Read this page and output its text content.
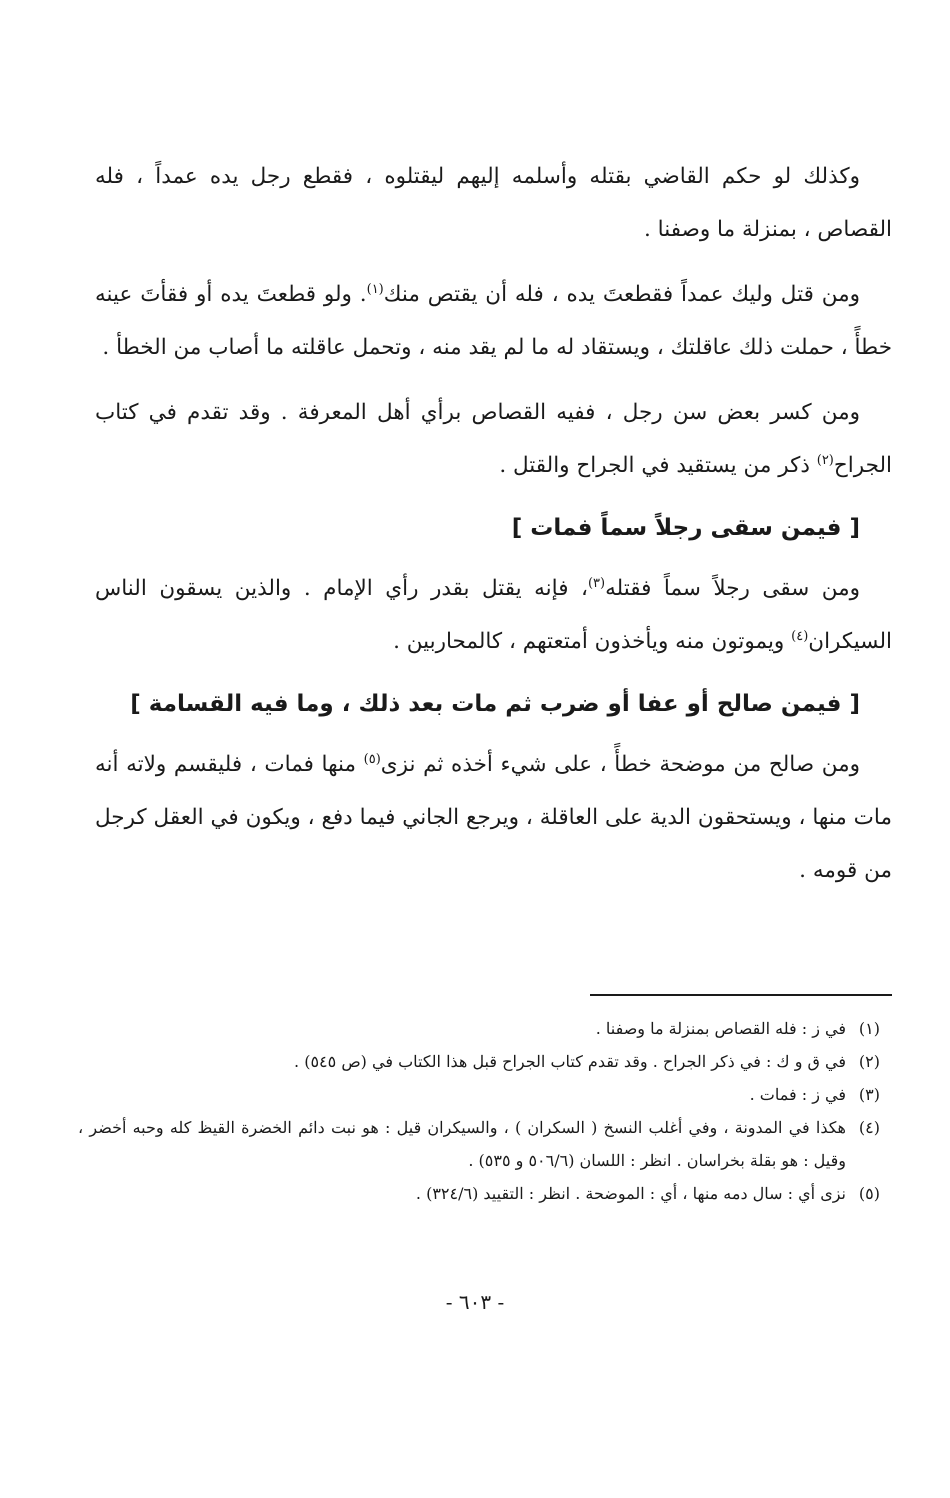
وكذلك لو حكم القاضي بقتله وأسلمه إليهم ليقتلوه ، فقطع رجل يده عمداً ، فله القصاص ، بمنزلة ما وصفنا .

ومن قتل وليك عمداً فقطعتَ يده ، فله أن يقتص منك$^{(١)}$. ولو قطعتَ يده أو فقأتَ عينه خطأً ، حملت ذلك عاقلتك ، ويستقاد له ما لم يقد منه ، وتحمل عاقلته ما أصاب من الخطأ .

ومن كسر بعض سن رجل ، ففيه القصاص برأي أهل المعرفة . وقد تقدم في كتاب الجراح$^{(٢)}$ ذكر من يستقيد في الجراح والقتل .

[ فيمن سقى رجلاً سماً فمات ]

ومن سقى رجلاً سماً فقتله$^{(٣)}$، فإنه يقتل بقدر رأي الإمام . والذين يسقون الناس السيكران$^{(٤)}$ ويموتون منه ويأخذون أمتعتهم ، كالمحاربين .

[ فيمن صالح أو عفا أو ضرب ثم مات بعد ذلك ، وما فيه القسامة ]

ومن صالح من موضحة خطأً ، على شيء أخذه ثم نزى$^{(٥)}$ منها فمات ، فليقسم ولاته أنه مات منها ، ويستحقون الدية على العاقلة ، ويرجع الجاني فيما دفع ، ويكون في العقل كرجل من قومه .

(١)
في ز : فله القصاص بمنزلة ما وصفنا .
(٢)
في ق و ك : في ذكر الجراح . وقد تقدم كتاب الجراح قبل هذا الكتاب في (ص ٥٤٥) .
(٣)
في ز : فمات .
(٤)
هكذا في المدونة ، وفي أغلب النسخ ( السكران ) ، والسيكران قيل : هو نبت دائم الخضرة القيظ كله وحبه أخضر ، وقيل : هو بقلة بخراسان . انظر : اللسان (٥٠٦/٦ و ٥٣٥) .
(٥)
نزى أي : سال دمه منها ، أي : الموضحة . انظر : التقييد (٣٢٤/٦) .
- ٦٠٣ -
